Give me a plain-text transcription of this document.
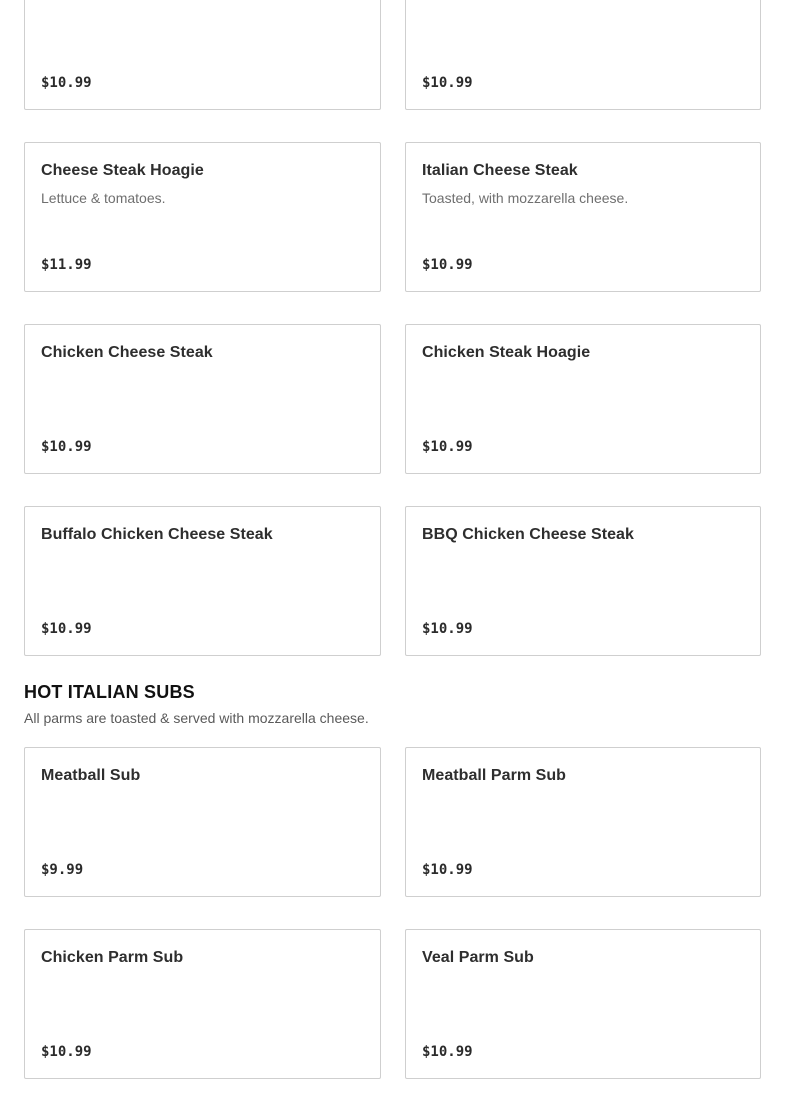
$10.99	$10.99
Cheese Steak Hoagie
Lettuce & tomatoes.
$11.99
Italian Cheese Steak
Toasted, with mozzarella cheese.
$10.99
Chicken Cheese Steak
$10.99
Chicken Steak Hoagie
$10.99
Buffalo Chicken Cheese Steak
$10.99
BBQ Chicken Cheese Steak
$10.99
HOT ITALIAN SUBS
All parms are toasted & served with mozzarella cheese.
Meatball Sub
$9.99
Meatball Parm Sub
$10.99
Chicken Parm Sub
$10.99
Veal Parm Sub
$10.99
